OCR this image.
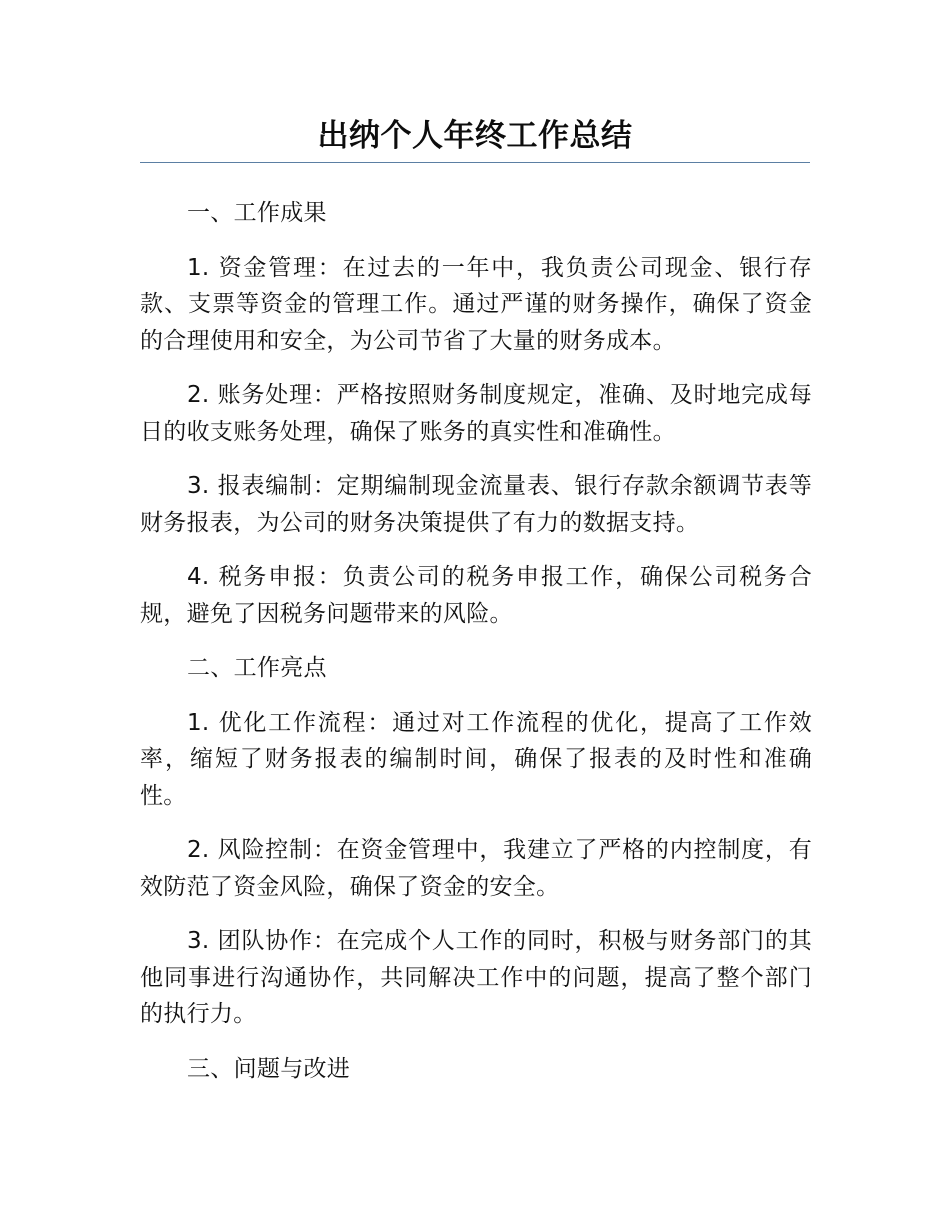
出纳个人年终工作总结

一、工作成果

1. 资金管理：在过去的一年中，我负责公司现金、银行存款、支票等资金的管理工作。通过严谨的财务操作，确保了资金的合理使用和安全，为公司节省了大量的财务成本。

2. 账务处理：严格按照财务制度规定，准确、及时地完成每日的收支账务处理，确保了账务的真实性和准确性。

3. 报表编制：定期编制现金流量表、银行存款余额调节表等财务报表，为公司的财务决策提供了有力的数据支持。

4. 税务申报：负责公司的税务申报工作，确保公司税务合规，避免了因税务问题带来的风险。

二、工作亮点

1. 优化工作流程：通过对工作流程的优化，提高了工作效率，缩短了财务报表的编制时间，确保了报表的及时性和准确性。

2. 风险控制：在资金管理中，我建立了严格的内控制度，有效防范了资金风险，确保了资金的安全。

3. 团队协作：在完成个人工作的同时，积极与财务部门的其他同事进行沟通协作，共同解决工作中的问题，提高了整个部门的执行力。

三、问题与改进
